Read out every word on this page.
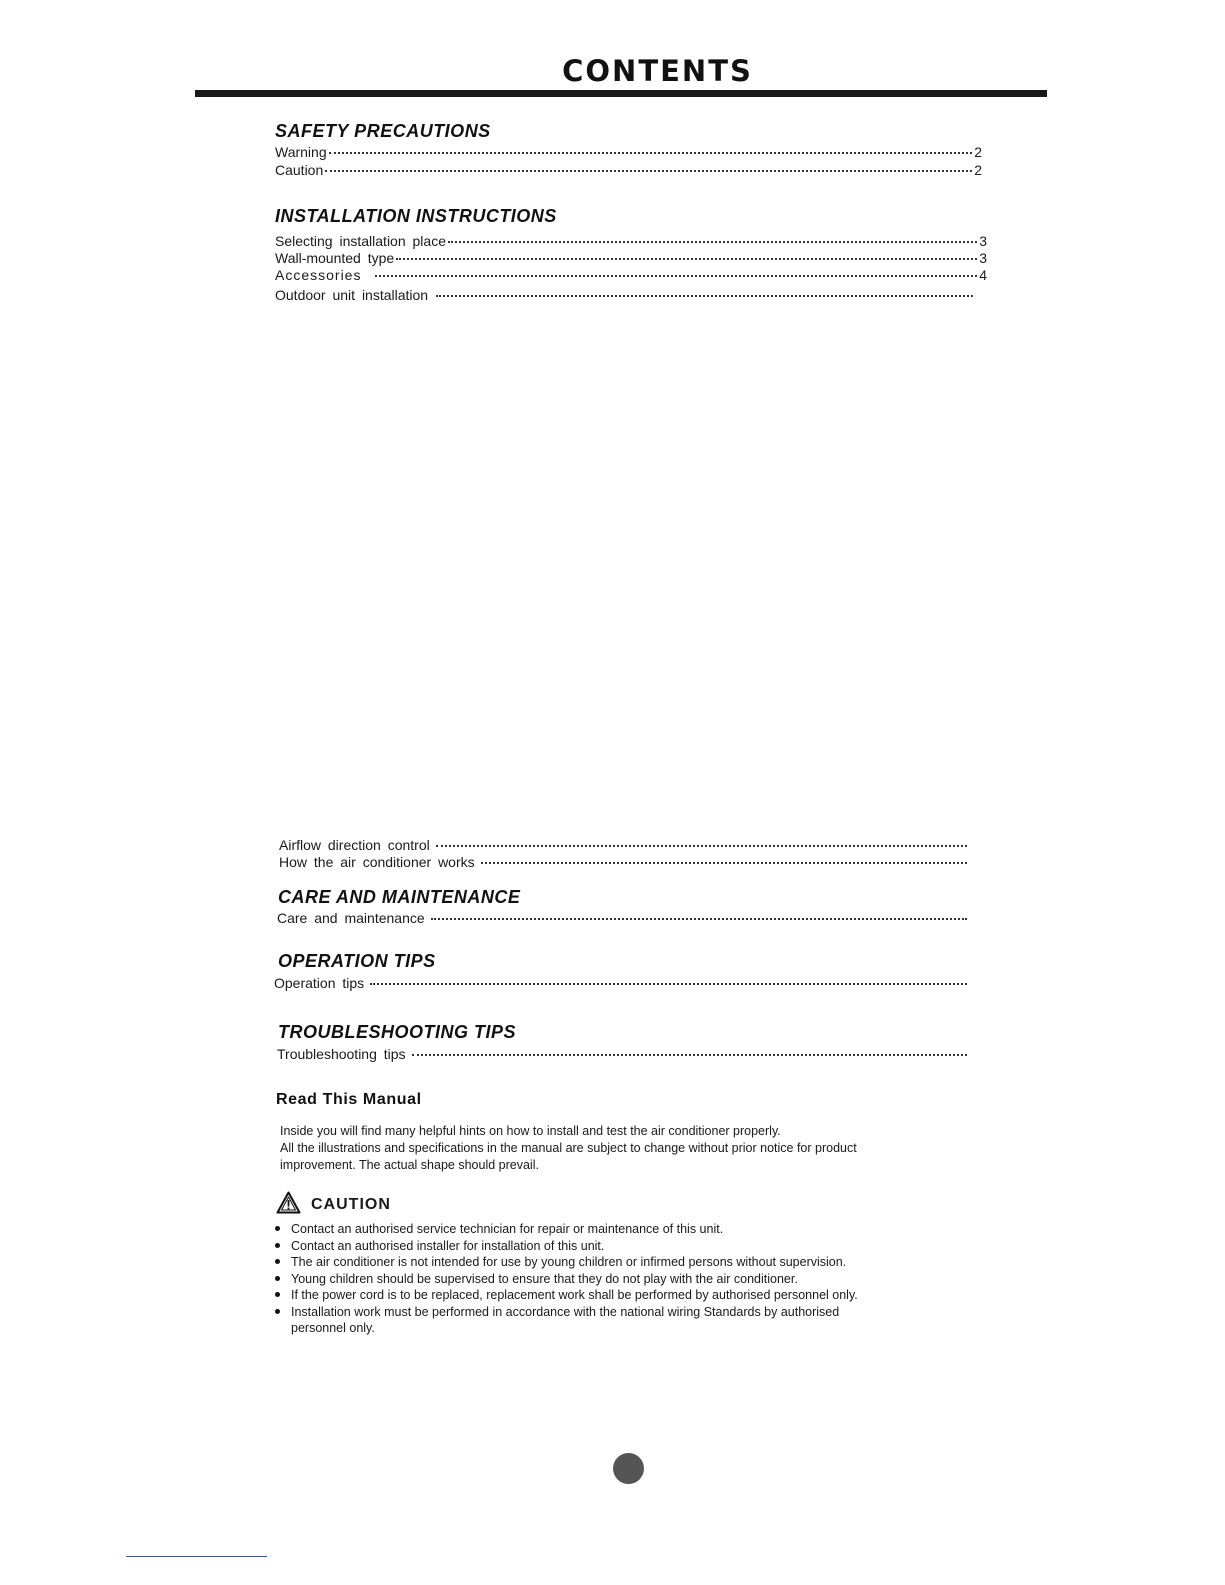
CONTENTS
SAFETY PRECAUTIONS
Warning	2
Caution	2
INSTALLATION INSTRUCTIONS
Selecting installation place	3
Wall-mounted type	3
Accessories	4
Outdoor unit installation
Airflow direction control
How the air conditioner works
CARE AND MAINTENANCE
Care and maintenance
OPERATION TIPS
Operation tips
TROUBLESHOOTING TIPS
Troubleshooting tips
Read This Manual
Inside you will find many helpful hints on how to install and test the air conditioner properly.
All the illustrations and specifications in the manual are subject to change without prior notice for product
improvement. The actual shape should prevail.
CAUTION
Contact an authorised service technician for repair or maintenance of this unit.
Contact an authorised installer for installation of this unit.
The air conditioner is not intended for use by young children or infirmed persons without supervision.
Young children should be supervised to ensure that they do not play with the air conditioner.
If the power cord is to be replaced, replacement work shall be performed by authorised personnel only.
Installation work must be performed in accordance with the national wiring Standards by authorised
personnel only.
